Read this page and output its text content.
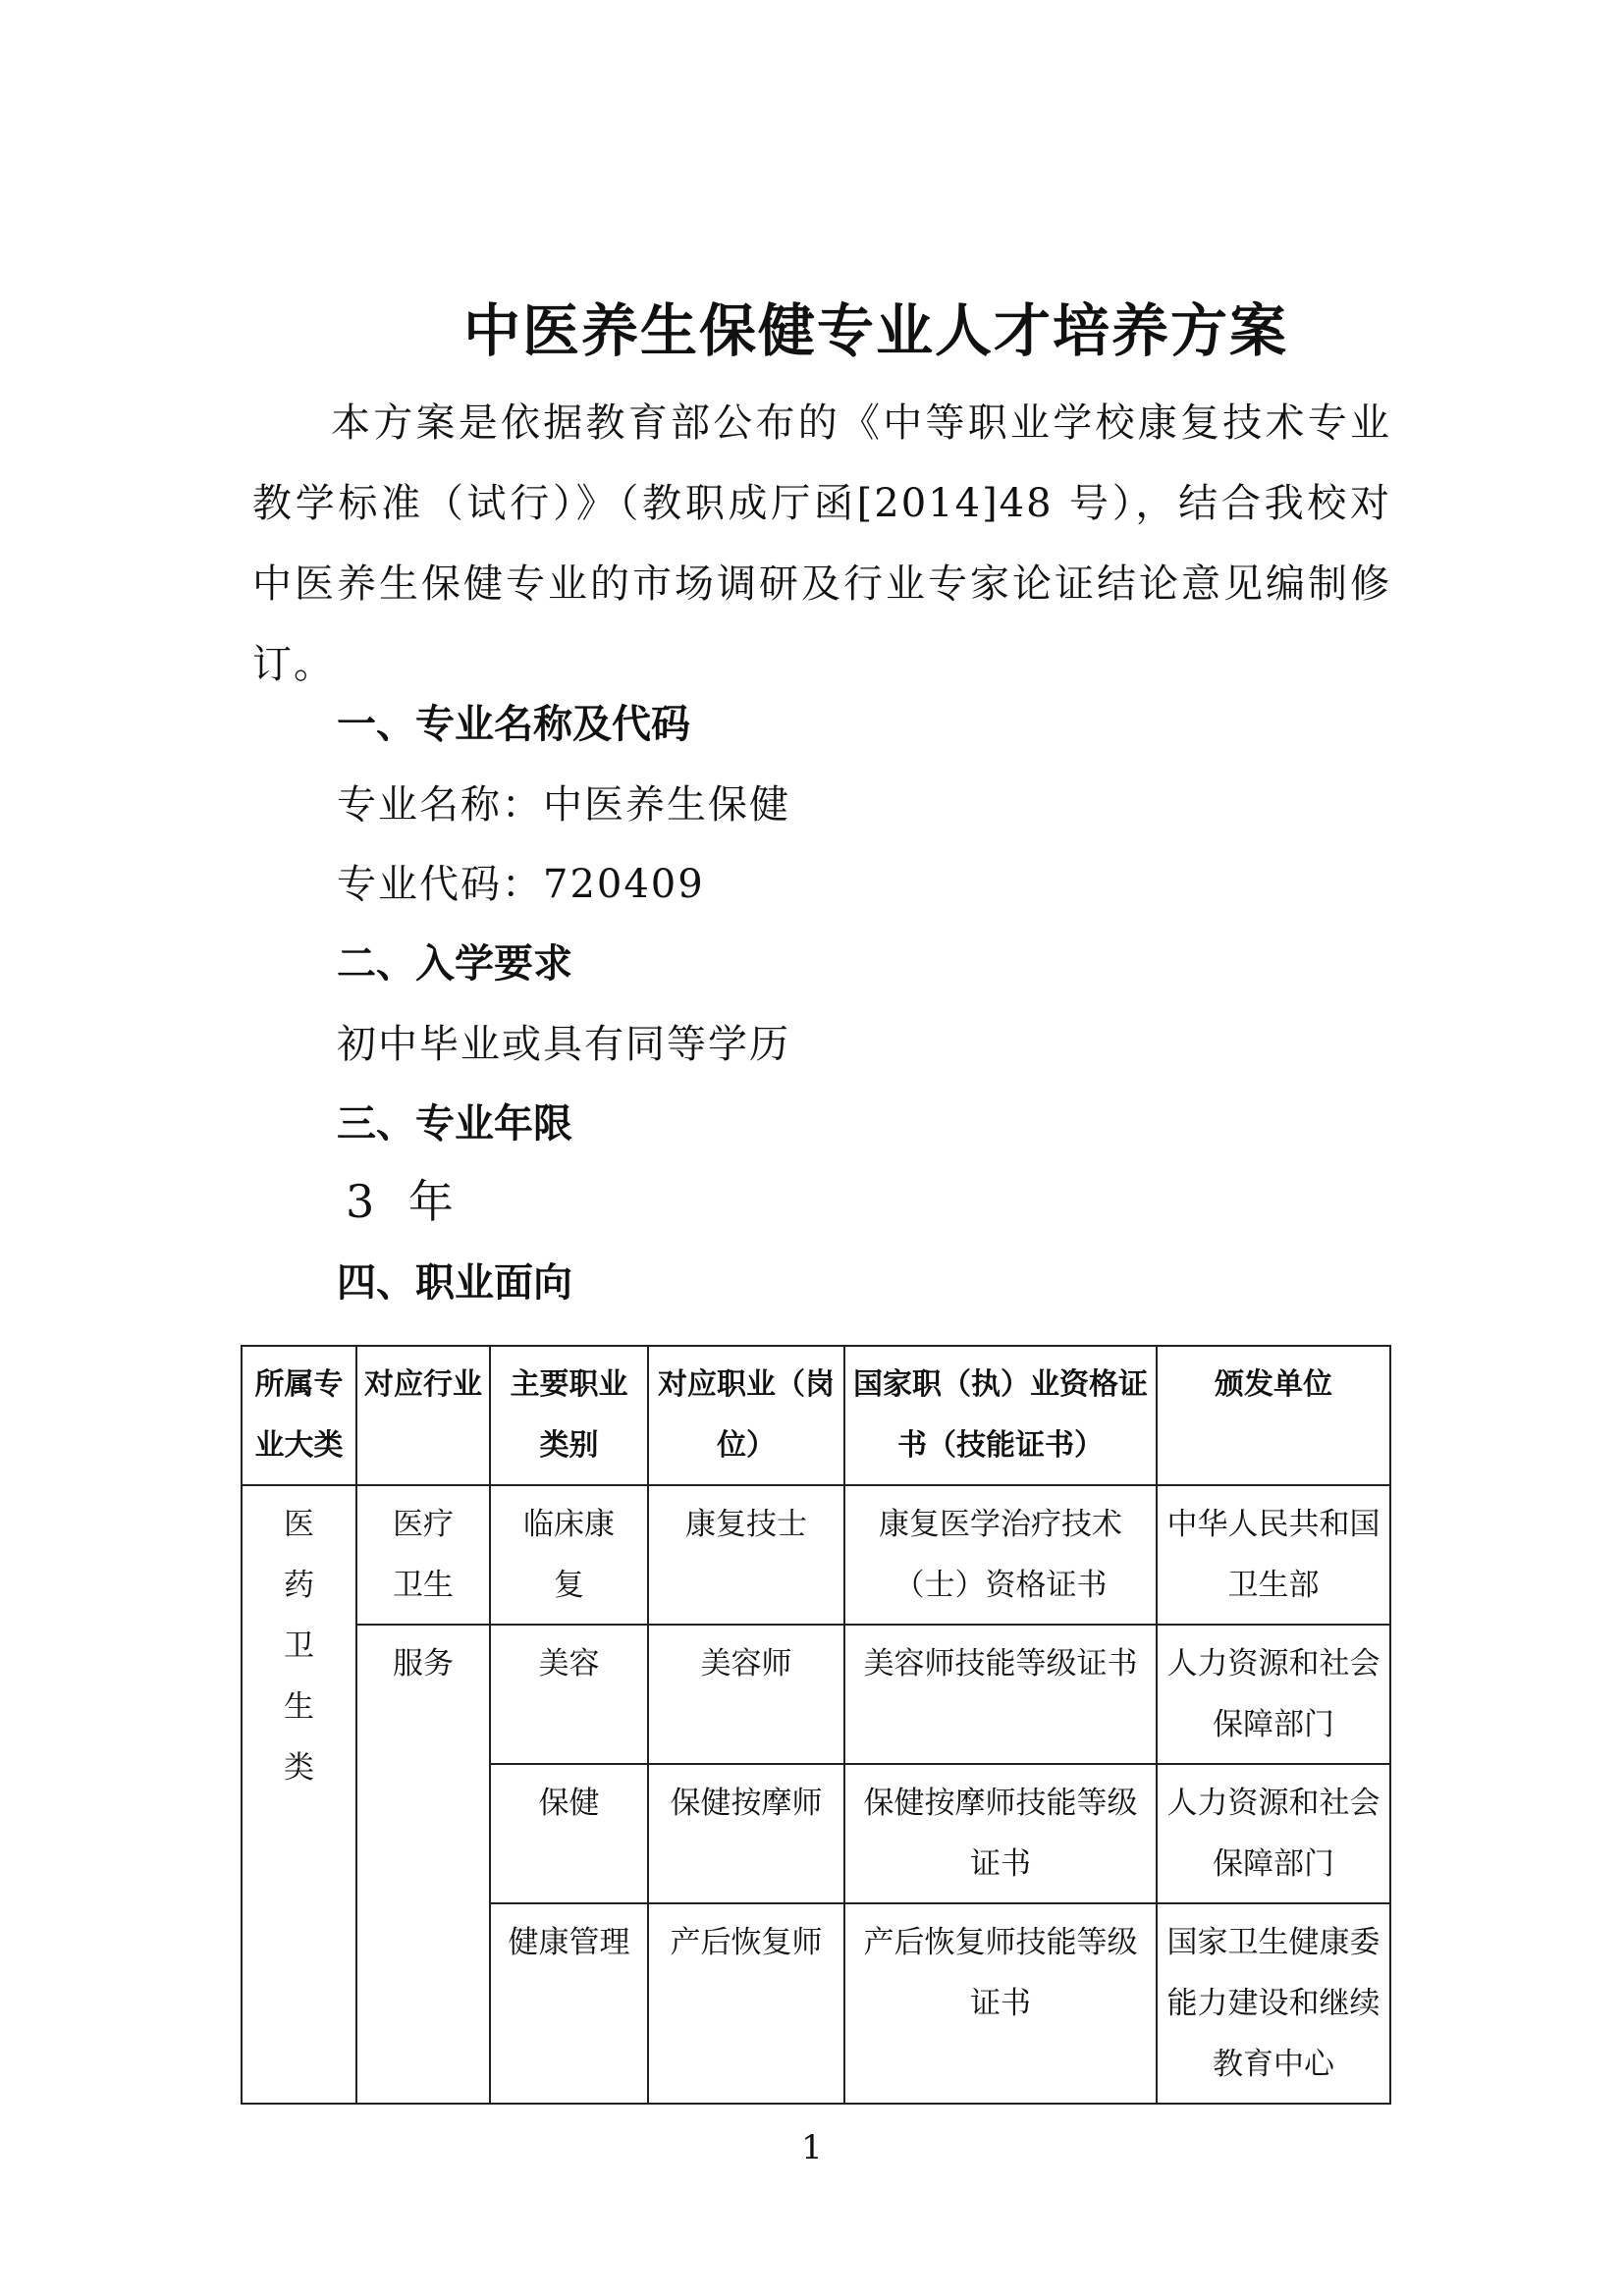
中医养生保健专业人才培养方案
本方案是依据教育部公布的《中等职业学校康复技术专业教学标准（试行）》（教职成厅函[2014]48 号），结合我校对中医养生保健专业的市场调研及行业专家论证结论意见编制修订。
一、专业名称及代码
专业名称：中医养生保健
专业代码：720409
二、入学要求
初中毕业或具有同等学历
三、专业年限
3 年
四、职业面向
所属专业大类	对应行业	主要职业类别	对应职业（岗位）	国家职（执）业资格证书（技能证书）	颁发单位
医药卫生类	医疗卫生	临床康复	康复技士	康复医学治疗技术（士）资格证书	中华人民共和国卫生部
	服务	美容	美容师	美容师技能等级证书	人力资源和社会保障部门
		保健	保健按摩师	保健按摩师技能等级证书	人力资源和社会保障部门
		健康管理	产后恢复师	产后恢复师技能等级证书	国家卫生健康委能力建设和继续教育中心
1
